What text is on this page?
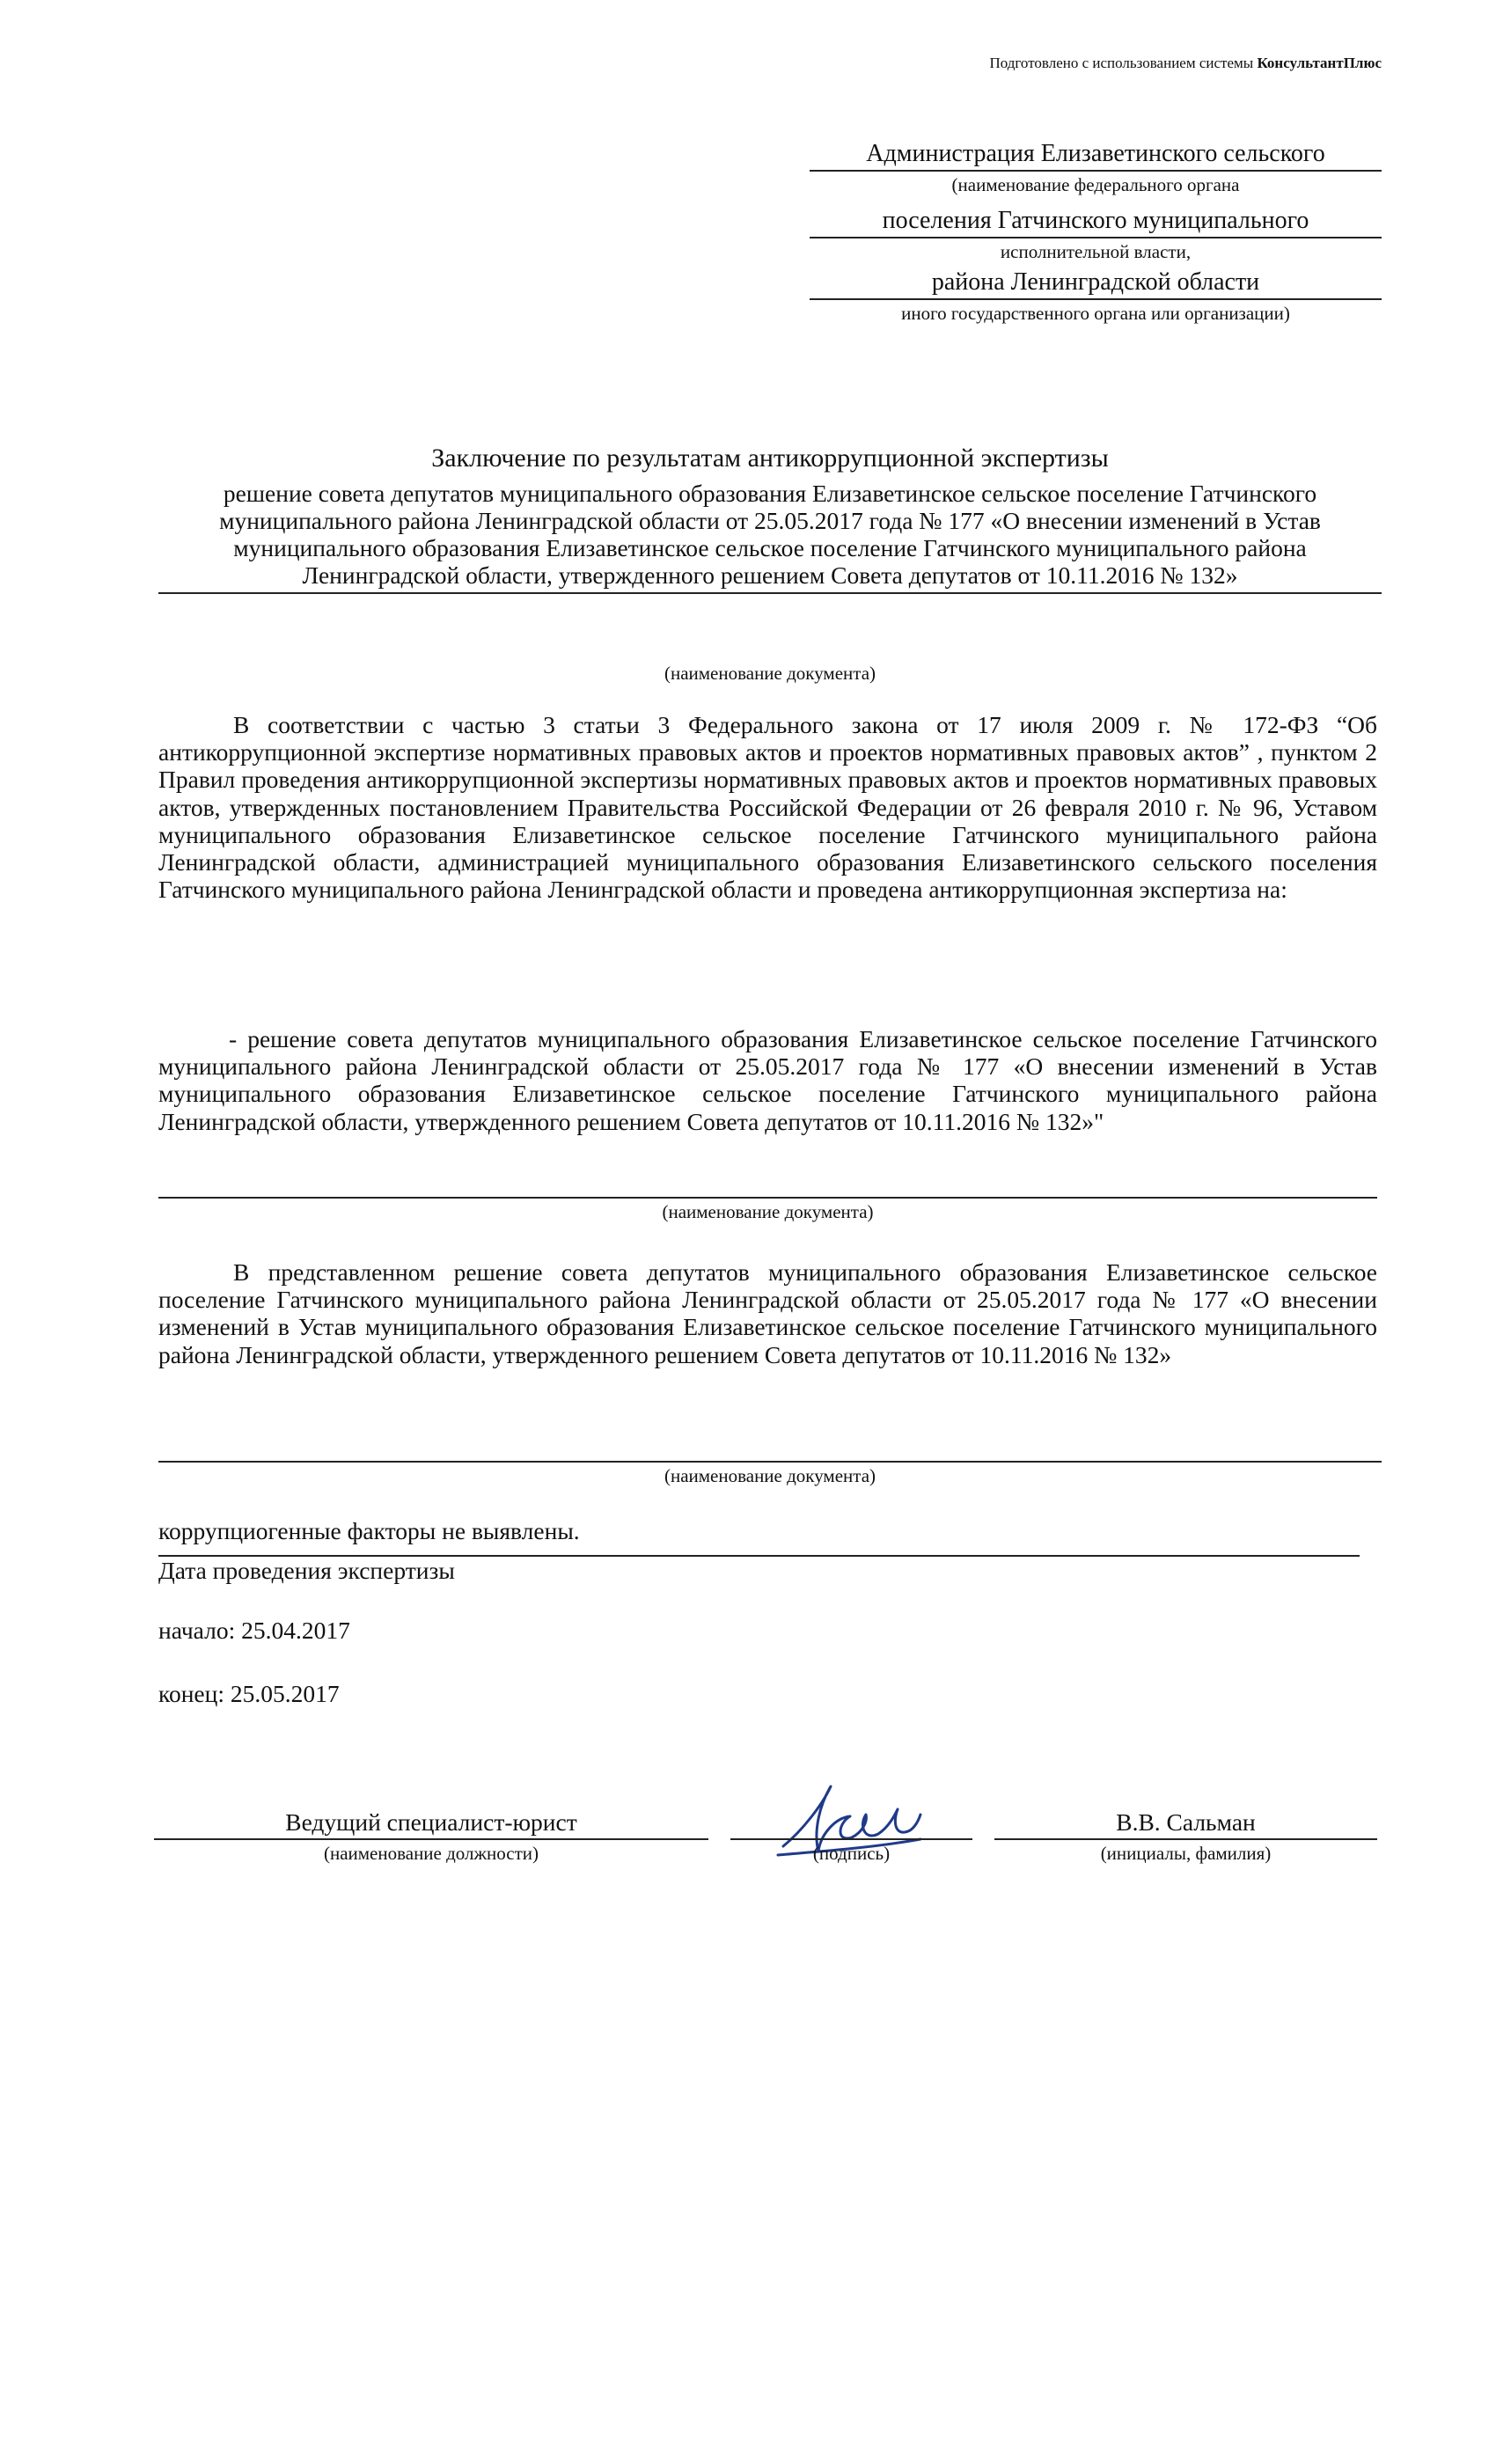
Подготовлено с использованием системы КонсультантПлюс
Администрация Елизаветинского сельского
(наименование федерального органа
поселения Гатчинского муниципального
исполнительной власти,
района Ленинградской области
иного государственного органа или организации)
Заключение по результатам антикоррупционной экспертизы
решение совета депутатов муниципального образования Елизаветинское сельское поселение Гатчинского муниципального района Ленинградской области от 25.05.2017 года № 177 «О внесении изменений в Устав муниципального образования Елизаветинское сельское поселение Гатчинского муниципального района Ленинградской области, утвержденного решением Совета депутатов от 10.11.2016 № 132»
(наименование документа)
В соответствии с частью 3 статьи 3 Федерального закона от 17 июля 2009 г. № 172-ФЗ “Об антикоррупционной экспертизе нормативных правовых актов и проектов нормативных правовых актов” , пунктом 2 Правил проведения антикоррупционной экспертизы нормативных правовых актов и проектов нормативных правовых актов, утвержденных постановлением Правительства Российской Федерации от 26 февраля 2010 г. № 96, Уставом муниципального образования Елизаветинское сельское поселение Гатчинского муниципального района Ленинградской области, администрацией муниципального образования Елизаветинского сельского поселения Гатчинского муниципального района Ленинградской области и проведена антикоррупционная экспертиза на:
- решение совета депутатов муниципального образования Елизаветинское сельское поселение Гатчинского муниципального района Ленинградской области от 25.05.2017 года № 177 «О внесении изменений в Устав муниципального образования Елизаветинское сельское поселение Гатчинского муниципального района Ленинградской области, утвержденного решением Совета депутатов от 10.11.2016 № 132»"
(наименование документа)
В представленном решение совета депутатов муниципального образования Елизаветинское сельское поселение Гатчинского муниципального района Ленинградской области от 25.05.2017 года № 177 «О внесении изменений в Устав муниципального образования Елизаветинское сельское поселение Гатчинского муниципального района Ленинградской области, утвержденного решением Совета депутатов от 10.11.2016 № 132»
(наименование документа)
коррупциогенные факторы не выявлены.
Дата проведения экспертизы
начало: 25.04.2017
конец: 25.05.2017
Ведущий специалист-юрист
(наименование должности)	(подпись)
В.В. Сальман
(инициалы, фамилия)
